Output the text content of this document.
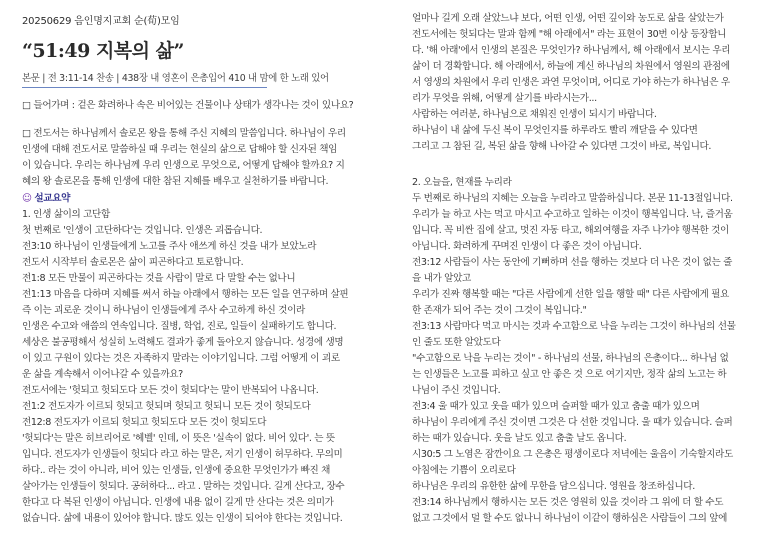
20250629 음인명지교회 순(荀)모임
“51:49 지복의 삶”
본문 | 전 3:11-14 찬송 | 438장 내 영혼이 은총입어 410 내 맘에 한 노래 있어
□ 들어가며 : 겉은 화려하나 속은 비어있는 건물이나 상태가 생각나는 것이 있나요?
□ 전도서는 하나님께서 솔로몬 왕을 통해 주신 지혜의 말씀입니다. 하나님이 우리
인생에 대해 전도서로 말씀하실 때 우리는 현실의 삶으로 답해야 할 신자된 책임
이 있습니다. 우리는 하나님께 우리 인생으로 무엇으로, 어떻게 답해야 할까요? 지
혜의 왕 솔로몬을 통해 인생에 대한 참된 지혜를 배우고 실천하기를 바랍니다.
☺ 설교요약
1. 인생 삶이의 고단함
첫 번째로 '인생이 고단하다'는 것입니다. 인생은 괴롭습니다.
전3:10 하나님이 인생들에게 노고를 주사 애쓰게 하신 것을 내가 보았노라
전도서 시작부터 솔로몬은 삶이 피곤하다고 토로합니다.
전1:8 모든 만물이 피곤하다는 것을 사람이 말로 다 말할 수는 없나니
전1:13 마음을 다하며 지혜를 써서 하늘 아래에서 행하는 모든 일을 연구하며 살핀
즉 이는 괴로운 것이니 하나님이 인생들에게 주사 수고하게 하신 것이라
인생은 수고와 애씀의 연속입니다. 질병, 학업, 진로, 일들이 실패하기도 합니다.
세상은 불공평해서 성실히 노력해도 결과가 좋게 돌아오지 않습니다. 성경에 생명
이 있고 구원이 있다는 것은 자족하지 말라는 이야기입니다. 그럼 어떻게 이 괴로
운 삶을 계속해서 이어나갈 수 있을까요?
전도서에는 '헛되고 헛되도다 모든 것이 헛되다'는 말이 반복되어 나옵니다.
전1:2 전도자가 이르되 헛되고 헛되며 헛되고 헛되니 모든 것이 헛되도다
전12:8 전도자가 이르되 헛되고 헛되도다 모든 것이 헛되도다
'헛되다'는 말은 히브리어로 '헤벨' 인데, 이 뜻은 '실속이 없다. 비어 있다'. 는 뜻
입니다. 전도자가 인생들이 헛되다 라고 하는 말은, 저기 인생이 허무하다. 무의미
하다.. 라는 것이 아니라, 비어 있는 인생들, 인생에 중요한 무엇인가가 빠진 채
살아가는 인생들이 헛되다. 공허하다... 라고 . 말하는 것입니다. 길게 산다고, 장수
한다고 다 복된 인생이 아닙니다. 인생에 내용 없이 길게 만 산다는 것은 의미가
없습니다. 삶에 내용이 있어야 합니다. 많도 있는 인생이 되어야 한다는 것입니다.
얼마나 길게 오래 살았느냐 보다, 어떤 인생, 어떤 깊이와 농도로 삶을 살았는가
전도서에는 헛되다는 말과 함께 "해 아래에서" 라는 표현이 30번 이상 등장합니
다. '해 아래'에서 인생의 본질은 무엇인가? 하나님께서, 해 아래에서 보시는 우리
삶이 더 경확합니다. 해 아래에서, 하늘에 계신 하나님의 차원에서 영원의 관점에
서 영생의 차원에서 우리 인생은 과연 무엇이며, 어디로 가야 하는가 하나님은 우
리가 무엇을 위해, 어떻게 살기를 바라시는가...
사람하는 여러분, 하나님으로 채워진 인생이 되시기 바랍니다.
하나님이 내 삶에 두신 복이 무엇인지를 하루라도 빨리 깨닫을 수 있다면
그리고 그 참된 길, 복된 삶을 향해 나아갈 수 있다면 그것이 바로, 복입니다.
2. 오늘을, 현재를 누리라
두 번째로 하나님의 지혜는 오늘을 누리라고 말씀하십니다. 본문 11-13절입니다.
우리가 늘 하고 사는 먹고 마시고 수고하고 일하는 이것이 행복입니다. 낙, 즐거움
입니다. 꼭 비싼 집에 살고, 멋진 자동 타고, 해외여행을 자주 나가야 행복한 것이
아닙니다. 화려하게 꾸며진 인생이 다 좋은 것이 아닙니다.
전3:12 사람들이 사는 동안에 기뻐하며 선을 행하는 것보다 더 나은 것이 없는 줄
을 내가 알았고
우리가 진짜 행복할 때는 "다른 사람에게 선한 일을 행할 때" 다른 사람에게 필요
한 존재가 되어 주는 것이 그것이 복입니다."
전3:13 사람마다 먹고 마시는 것과 수고함으로 낙을 누리는 그것이 하나님의 선물
인 줄도 또한 알았도다
"수고함으로 낙을 누리는 것이" - 하나님의 선물, 하나님의 은총이다... 하나님 없
는 인생들은 노고를 피하고 싶고 안 좋은 것 으로 여기지만, 정작 삶의 노고는 하
나님이 주신 것입니다.
전3:4 울 때가 있고 웃을 때가 있으며 슬퍼할 때가 있고 춤출 때가 있으며
하나님이 우리에게 주신 것이면 그것은 다 선한 것입니다. 울 때가 있습니다. 슬퍼
하는 때가 있습니다. 웃을 날도 있고 춤출 날도 옵니다.
시30:5 그 노염은 잠깐이요 그 은총은 평생이로다 저녁에는 울음이 기숙할지라도
아침에는 기쁨이 오리로다
하나님은 우리의 유한한 삶에 무한을 담으십니다. 영원을 창조하십니다.
전3:14 하나님께서 행하시는 모든 것은 영원히 있을 것이라 그 위에 더 할 수도
없고 그것에서 덜 할 수도 없나니 하나님이 이같이 행하심은 사람들이 그의 앞에
